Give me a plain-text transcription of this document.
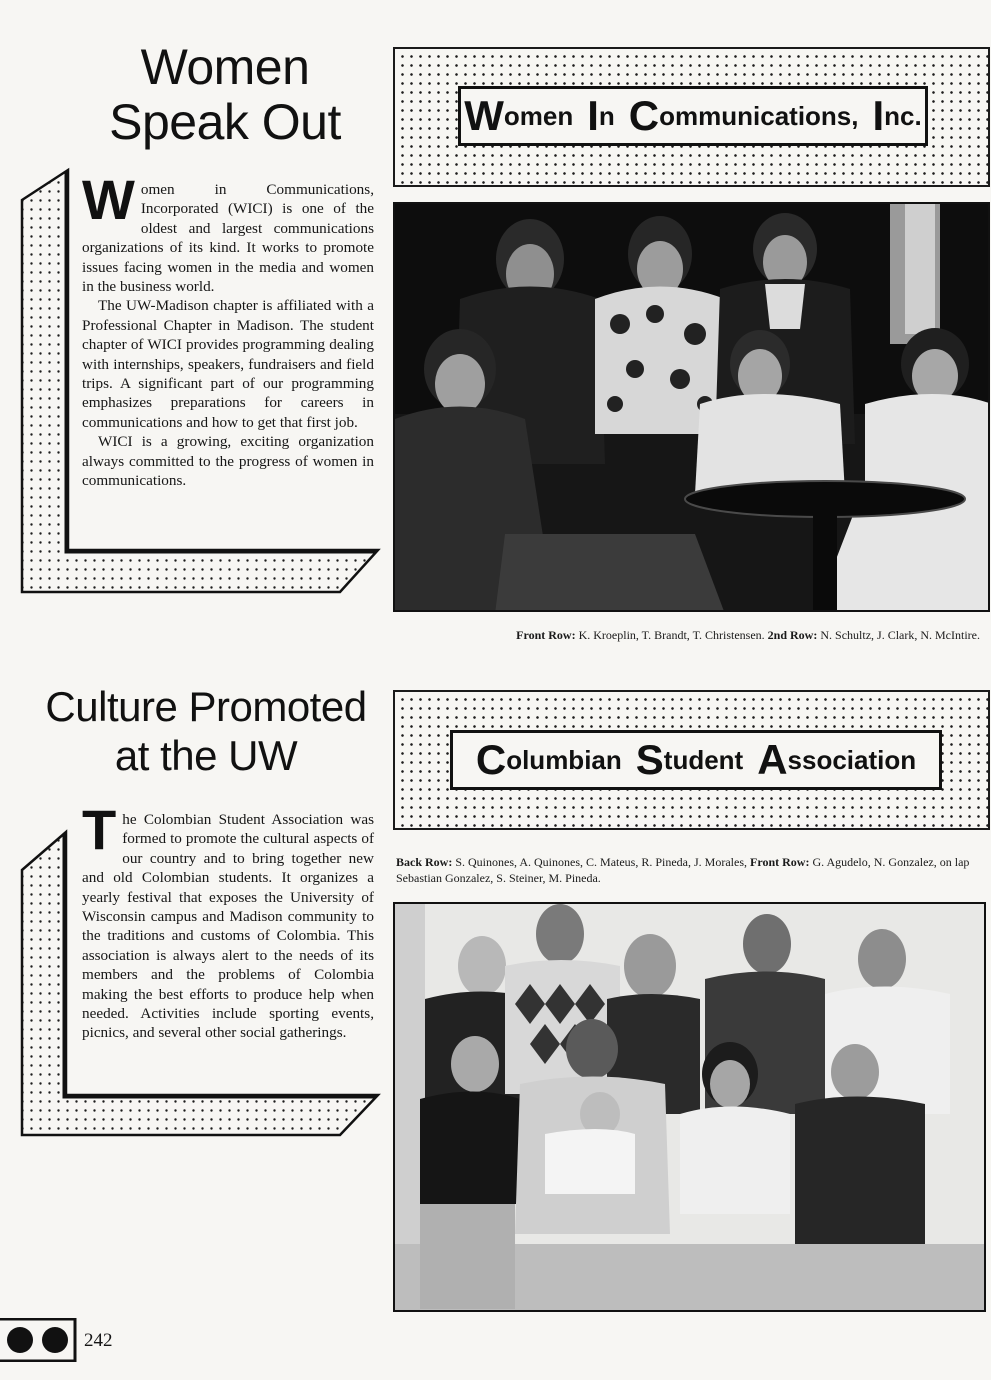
Women
Speak Out	W omen I n C ommunications, I nc.

Women in Communications, Incorporated (WICI) is one of the oldest and largest communications organizations of its kind. It works to promote issues facing women in the media and women in the business world.

The UW-Madison chapter is affiliated with a Professional Chapter in Madison. The student chapter of WICI provides programming dealing with internships, speakers, fundraisers and field trips. A significant part of our programming emphasizes preparations for careers in communications and how to get that first job.

WICI is a growing, exciting organization always committed to the progress of women in communications.

Front Row: K. Kroeplin, T. Brandt, T. Christensen. 2nd Row: N. Schultz, J. Clark, N. McIntire.
Culture Promoted
at the UW	C olumbian S tudent A ssociation

The Colombian Student Association was formed to promote the cultural aspects of our country and to bring together new and old Colombian students. It organizes a yearly festival that exposes the University of Wisconsin campus and Madison community to the traditions and customs of Colombia. This association is always alert to the needs of its members and the problems of Colombia making the best efforts to produce help when needed. Activities include sporting events, picnics, and several other social gatherings.

Back Row: S. Quinones, A. Quinones, C. Mateus, R. Pineda, J. Morales, Front Row: G. Agudelo, N. Gonzalez, on lap Sebastian Gonzalez, S. Steiner, M. Pineda.
242
